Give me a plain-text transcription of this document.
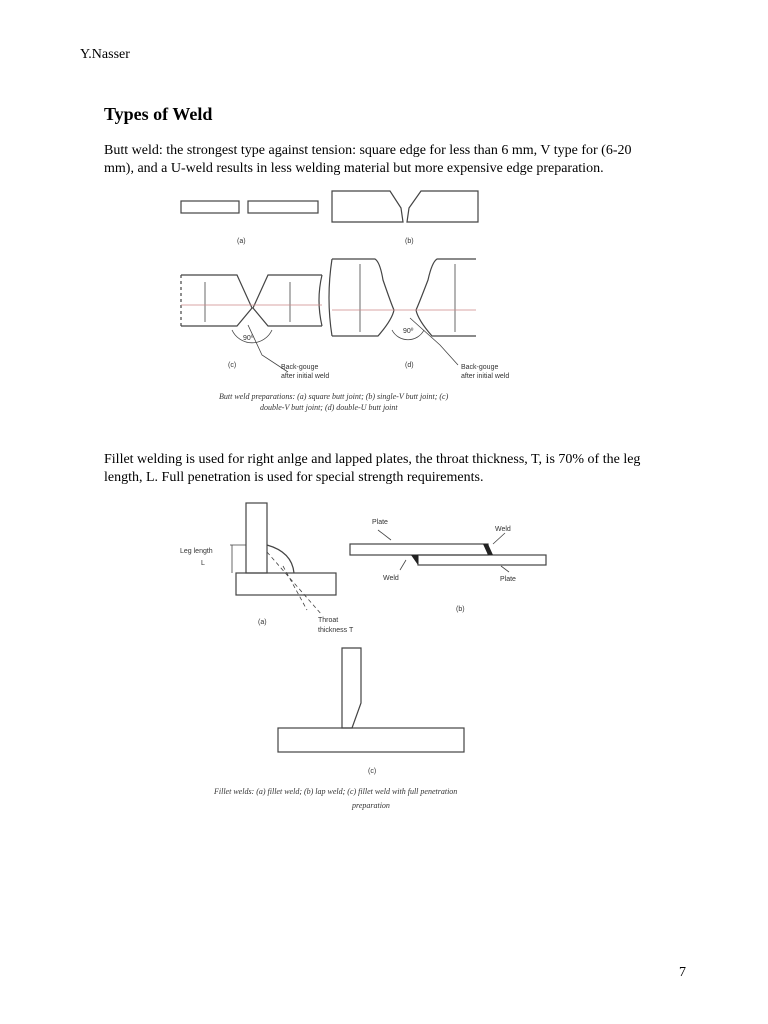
Y.Nasser
Types of Weld
Butt weld: the strongest type against tension: square edge for less than 6 mm, V type for (6-20
mm), and a U-weld results in less welding material but more expensive edge preparation.
Fillet welding is used for right anlge and lapped plates, the throat thickness, T, is 70% of the leg
length, L. Full penetration is used for special strength requirements.
(a)	(b)
90º
90º
(c)	(d)
Back-gouge
after initial weld
Back-gouge
after initial weld
Butt weld preparations: (a) square butt joint; (b) single-V butt joint; (c)
double-V butt joint; (d) double-U butt joint
Leg length
L
(a)	Throat
thickness T
Plate
Weld
Weld	Plate
(b)
(c)
Fillet welds: (a) fillet weld; (b) lap weld; (c) fillet weld with full penetration
preparation
7
